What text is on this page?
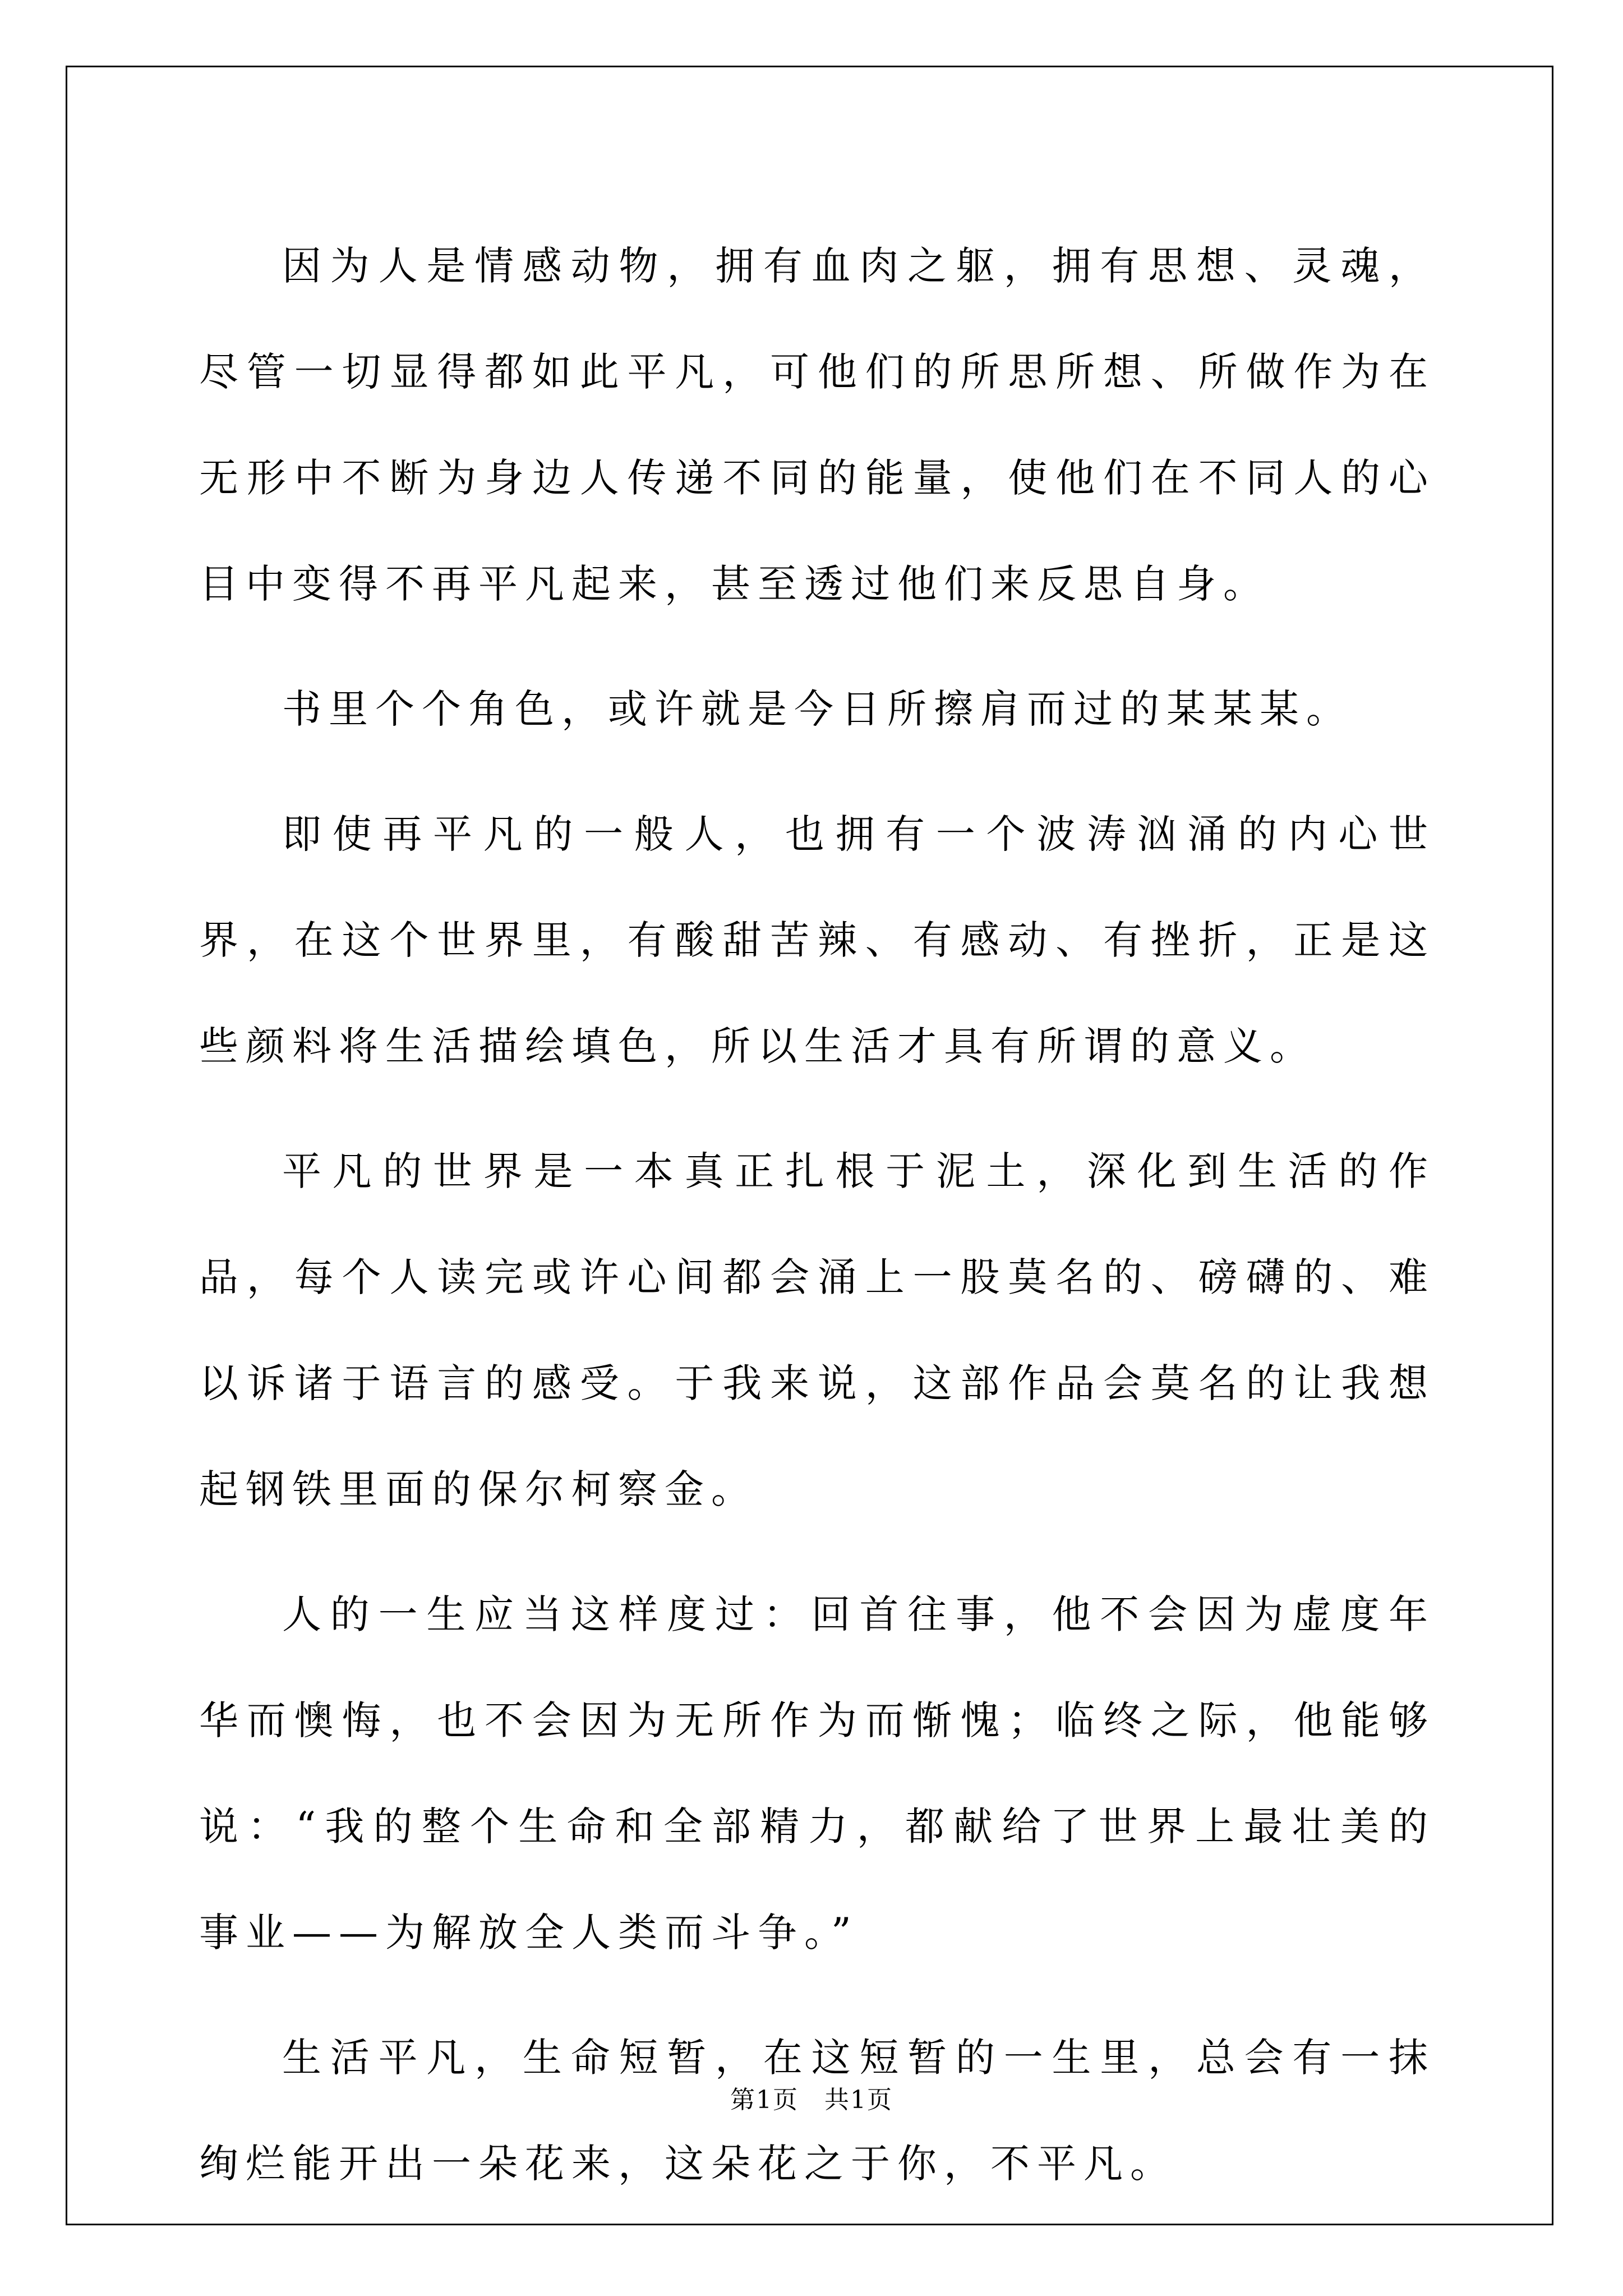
因为人是情感动物，拥有血肉之躯，拥有思想、灵魂，尽管一切显得都如此平凡，可他们的所思所想、所做作为在无形中不断为身边人传递不同的能量，使他们在不同人的心目中变得不再平凡起来，甚至透过他们来反思自身。

书里个个角色，或许就是今日所擦肩而过的某某某。

即使再平凡的一般人，也拥有一个波涛汹涌的内心世界，在这个世界里，有酸甜苦辣、有感动、有挫折，正是这些颜料将生活描绘填色，所以生活才具有所谓的意义。

平凡的世界是一本真正扎根于泥土，深化到生活的作品，每个人读完或许心间都会涌上一股莫名的、磅礴的、难以诉诸于语言的感受。于我来说，这部作品会莫名的让我想起钢铁里面的保尔柯察金。

人的一生应当这样度过：回首往事，他不会因为虚度年华而懊悔，也不会因为无所作为而惭愧；临终之际，他能够说：“我的整个生命和全部精力，都献给了世界上最壮美的事业——为解放全人类而斗争。”

生活平凡，生命短暂，在这短暂的一生里，总会有一抹绚烂能开出一朵花来，这朵花之于你，不平凡。

第1页　共1页
